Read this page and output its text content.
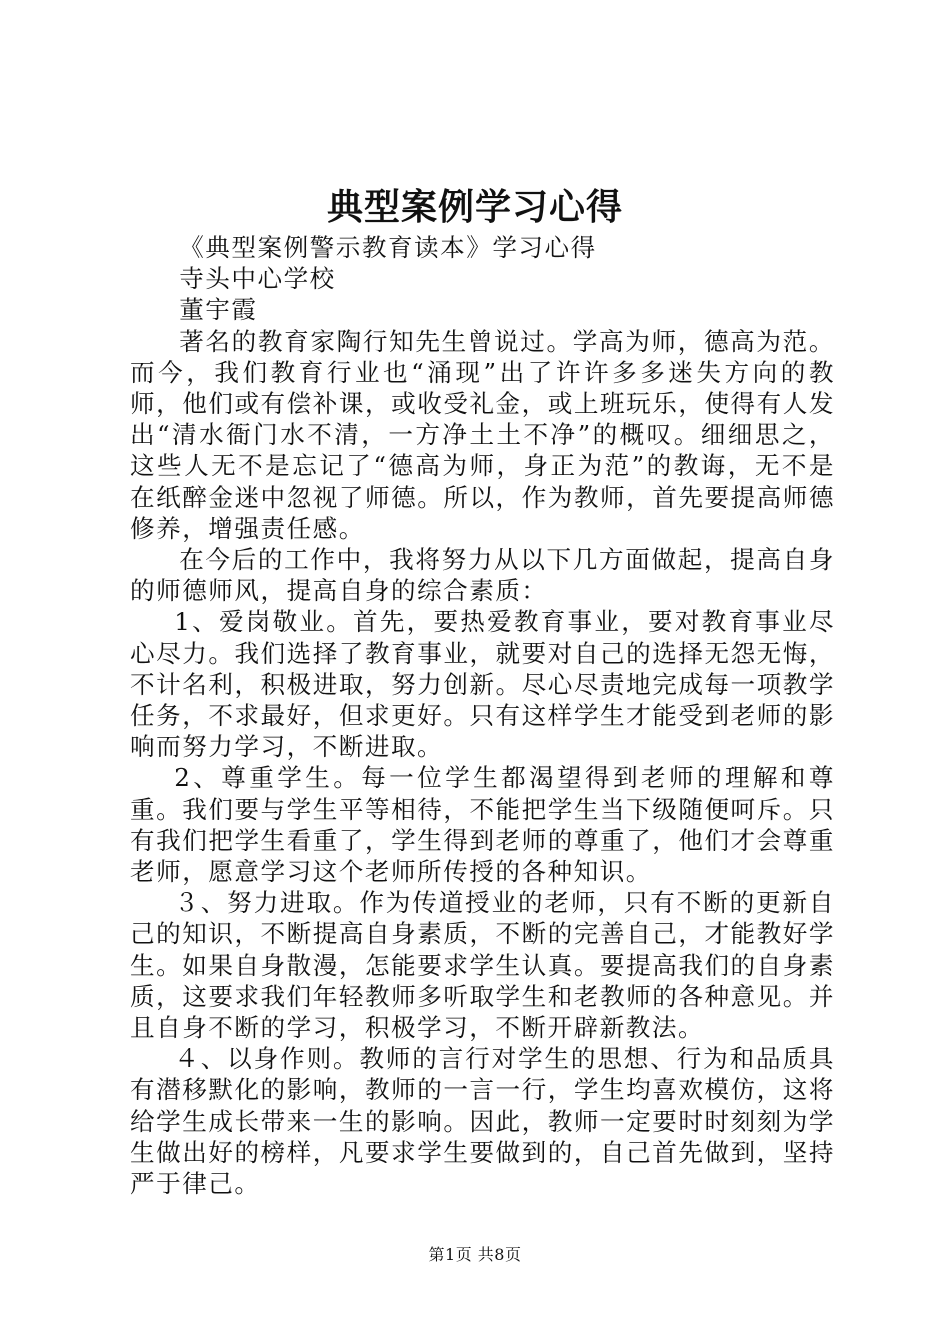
典型案例学习心得

《典型案例警示教育读本》学习心得

寺头中心学校

董宇霞

著名的教育家陶行知先生曾说过。学高为师，德高为范。而今，我们教育行业也“涌现”出了许许多多迷失方向的教师，他们或有偿补课，或收受礼金，或上班玩乐，使得有人发出“清水衙门水不清，一方净土土不净”的概叹。细细思之，这些人无不是忘记了“德高为师，身正为范”的教诲，无不是在纸醉金迷中忽视了师德。所以，作为教师，首先要提高师德修养，增强责任感。

在今后的工作中，我将努力从以下几方面做起，提高自身的师德师风，提高自身的综合素质：

1、爱岗敬业。首先，要热爱教育事业，要对教育事业尽心尽力。我们选择了教育事业，就要对自己的选择无怨无悔，不计名利，积极进取，努力创新。尽心尽责地完成每一项教学任务，不求最好，但求更好。只有这样学生才能受到老师的影响而努力学习，不断进取。

2、尊重学生。每一位学生都渴望得到老师的理解和尊重。我们要与学生平等相待，不能把学生当下级随便呵斥。只有我们把学生看重了，学生得到老师的尊重了，他们才会尊重老师，愿意学习这个老师所传授的各种知识。

３、努力进取。作为传道授业的老师，只有不断的更新自己的知识，不断提高自身素质，不断的完善自己，才能教好学生。如果自身散漫，怎能要求学生认真。要提高我们的自身素质，这要求我们年轻教师多听取学生和老教师的各种意见。并且自身不断的学习，积极学习，不断开辟新教法。

４、以身作则。教师的言行对学生的思想、行为和品质具有潜移默化的影响，教师的一言一行，学生均喜欢模仿，这将给学生成长带来一生的影响。因此，教师一定要时时刻刻为学生做出好的榜样，凡要求学生要做到的，自己首先做到，坚持严于律己。

第1页 共8页
